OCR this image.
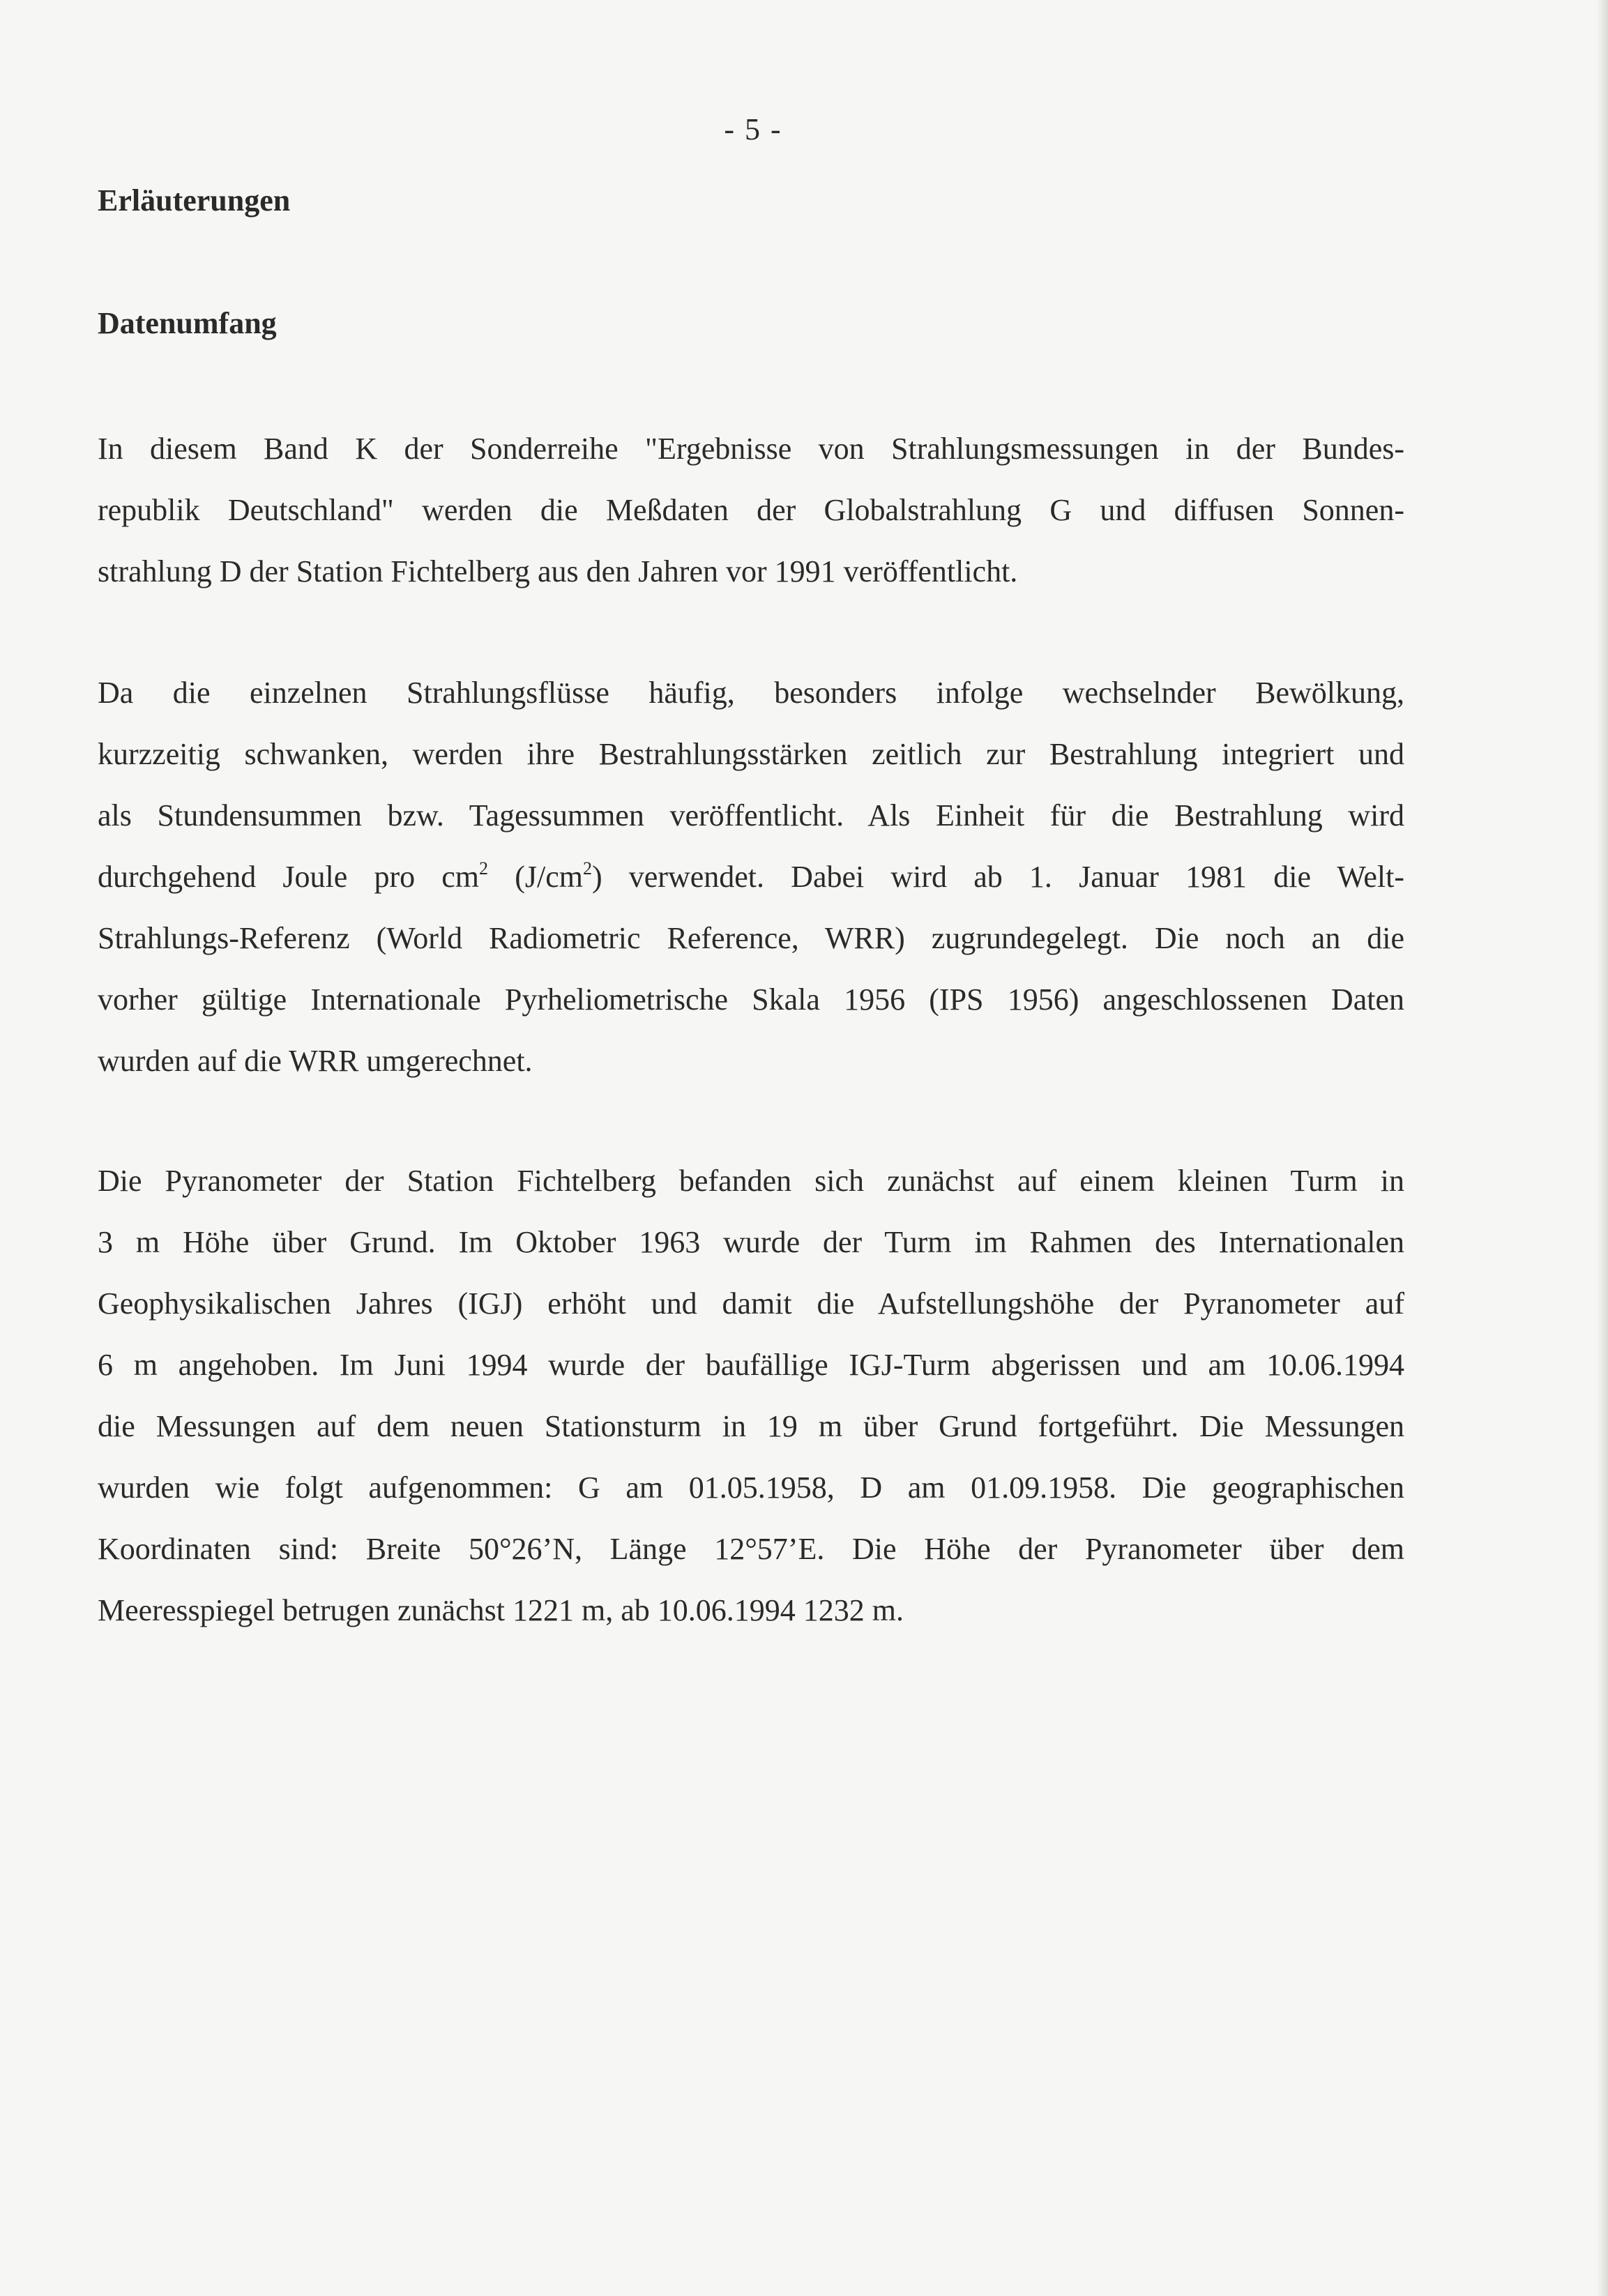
- 5 -
Erläuterungen
Datenumfang

In diesem Band K der Sonderreihe "Ergebnisse von Strahlungsmessungen in der Bundes-
republik Deutschland" werden die Meßdaten der Globalstrahlung G und diffusen Sonnen-
strahlung D der Station Fichtelberg aus den Jahren vor 1991 veröffentlicht.

Da die einzelnen Strahlungsflüsse häufig, besonders infolge wechselnder Bewölkung,
kurzzeitig schwanken, werden ihre Bestrahlungsstärken zeitlich zur Bestrahlung integriert und
als Stundensummen bzw. Tagessummen veröffentlicht. Als Einheit für die Bestrahlung wird
durchgehend Joule pro $cm^2$ $(J/cm^2)$ verwendet. Dabei wird ab 1. Januar 1981 die Welt-
Strahlungs-Referenz (World Radiometric Reference, WRR) zugrundegelegt. Die noch an die
vorher gültige Internationale Pyrheliometrische Skala 1956 (IPS 1956) angeschlossenen Daten
wurden auf die WRR umgerechnet.

Die Pyranometer der Station Fichtelberg befanden sich zunächst auf einem kleinen Turm in
3 m Höhe über Grund. Im Oktober 1963 wurde der Turm im Rahmen des Internationalen
Geophysikalischen Jahres (IGJ) erhöht und damit die Aufstellungshöhe der Pyranometer auf
6 m angehoben. Im Juni 1994 wurde der baufällige IGJ-Turm abgerissen und am 10.06.1994
die Messungen auf dem neuen Stationsturm in 19 m über Grund fortgeführt. Die Messungen
wurden wie folgt aufgenommen: G am 01.05.1958, D am 01.09.1958. Die geographischen
Koordinaten sind: Breite 50°26’N, Länge 12°57’E. Die Höhe der Pyranometer über dem
Meeresspiegel betrugen zunächst 1221 m, ab 10.06.1994 1232 m.
